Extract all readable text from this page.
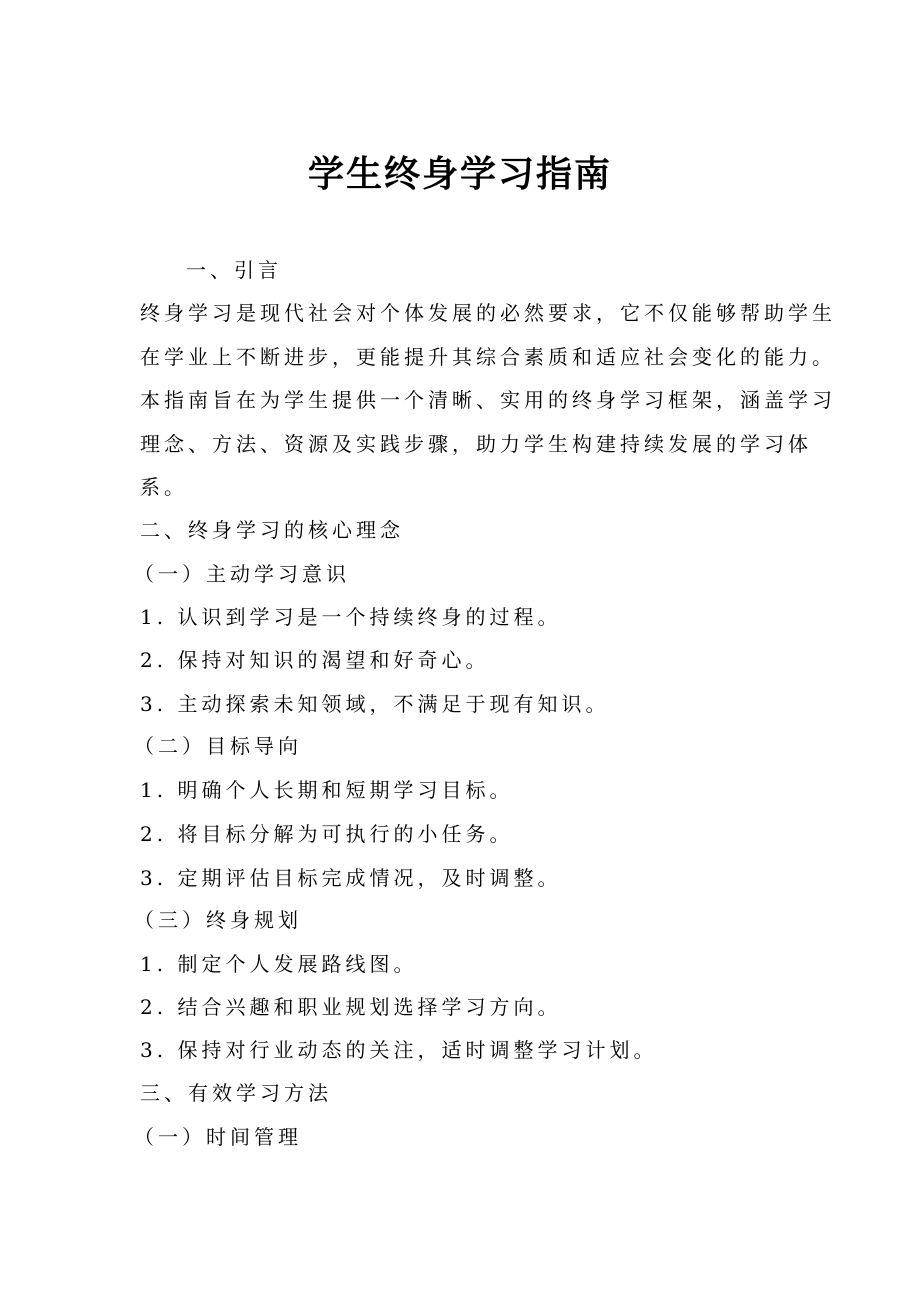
学生终身学习指南
一、引言
终身学习是现代社会对个体发展的必然要求，它不仅能够帮助学生
在学业上不断进步，更能提升其综合素质和适应社会变化的能力。
本指南旨在为学生提供一个清晰、实用的终身学习框架，涵盖学习
理念、方法、资源及实践步骤，助力学生构建持续发展的学习体
系。
二、终身学习的核心理念
（一）主动学习意识
1. 认识到学习是一个持续终身的过程。
2. 保持对知识的渴望和好奇心。
3. 主动探索未知领域，不满足于现有知识。
（二）目标导向
1. 明确个人长期和短期学习目标。
2. 将目标分解为可执行的小任务。
3. 定期评估目标完成情况，及时调整。
（三）终身规划
1. 制定个人发展路线图。
2. 结合兴趣和职业规划选择学习方向。
3. 保持对行业动态的关注，适时调整学习计划。
三、有效学习方法
（一）时间管理
